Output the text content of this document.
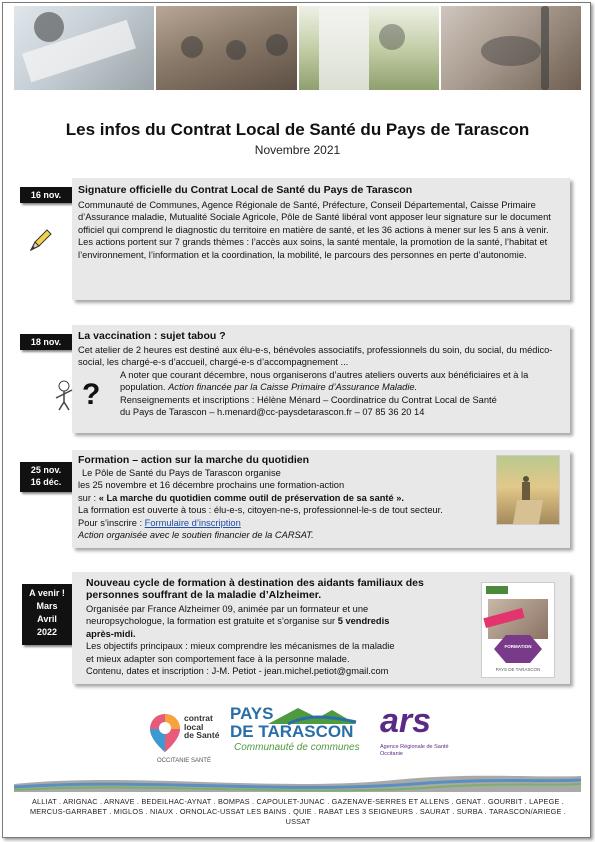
Les infos du Contrat Local de Santé du Pays de Tarascon
Novembre 2021
16 nov.	Signature officielle du Contrat Local de Santé du Pays de Tarascon

Communauté de Communes, Agence Régionale de Santé, Préfecture, Conseil Départemental, Caisse Primaire d’Assurance maladie, Mutualité Sociale Agricole, Pôle de Santé libéral vont apposer leur signature sur le document officiel qui comprend le diagnostic du territoire en matière de santé, et les 36 actions à mener sur les 5 ans à venir.

Les actions portent sur 7 grands thèmes : l’accès aux soins, la santé mentale, la promotion de la santé, l’habitat et l’environnement, l’information et la coordination, la mobilité, le parcours des personnes en perte d’autonomie.

18 nov.	La vaccination : sujet tabou ?

Cet atelier de 2 heures est destiné aux élu-e-s, bénévoles associatifs, professionnels du soin, du social, du médico-social, les chargé-e-s d’accueil, chargé-e-s d’accompagnement ...

A noter que courant décembre, nous organiserons d’autres ateliers ouverts aux bénéficiaires et à la population. Action financée par la Caisse Primaire d’Assurance Maladie.

Renseignements et inscriptions : Hélène Ménard – Coordinatrice du Contrat Local de Santé

du Pays de Tarascon – h.menard@cc-paysdetarascon.fr – 07 85 36 20 14

?
25 nov.
16 déc.
Formation – action sur la marche du quotidien

Le Pôle de Santé du Pays de Tarascon organise

les 25 novembre et 16 décembre prochains une formation-action

sur : « La marche du quotidien comme outil de préservation de sa santé ».

La formation est ouverte à tous : élu-e-s, citoyen-ne-s, professionnel-le-s de tout secteur.

Pour s’inscrire : Formulaire d’inscription

Action organisée avec le soutien financier de la CARSAT.

A venir !
Mars
Avril
2022
Nouveau cycle de formation à destination des aidants familiaux des
personnes souffrant de la maladie d’Alzheimer.

Organisée par France Alzheimer 09, animée par un formateur et une

neuropsychologue, la formation est gratuite et s’organise sur 5 vendredis

après-midi.

Les objectifs principaux : mieux comprendre les mécanismes de la maladie

et mieux adapter son comportement face à la personne malade.

Contenu, dates et inscription : J-M. Petiot - jean.michel.petiot@gmail.com

FORMATION
PAYS DE TARASCON
contrat
local
de Santé
OCCITANIE SANTÉ
PAYS
DE TARASCON
Communauté de communes
ars
Agence Régionale de Santé Occitanie
ALLIAT . ARIGNAC . ARNAVE . BEDEILHAC-AYNAT . BOMPAS . CAPOULET-JUNAC . GAZENAVE-SERRES ET ALLENS . GENAT . GOURBIT . LAPEGE .
MERCUS-GARRABET . MIGLOS . NIAUX . ORNOLAC-USSAT LES BAINS . QUIE . RABAT LES 3 SEIGNEURS . SAURAT . SURBA . TARASCON/ARIEGE . USSAT
